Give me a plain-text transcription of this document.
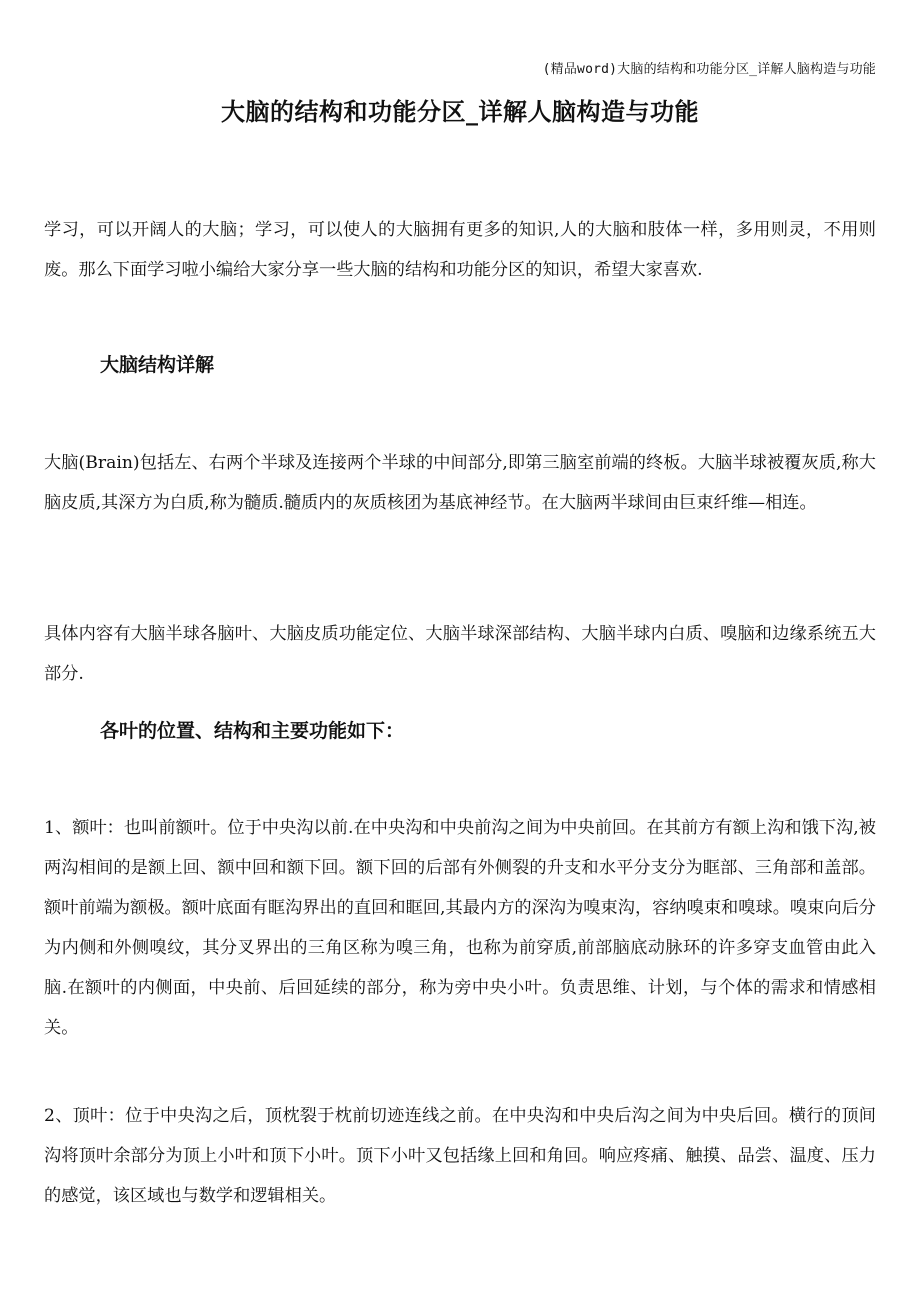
(精品word)大脑的结构和功能分区_详解人脑构造与功能
大脑的结构和功能分区_详解人脑构造与功能

学习，可以开阔人的大脑；学习，可以使人的大脑拥有更多的知识,人的大脑和肢体一样，多用则灵，不用则废。那么下面学习啦小编给大家分享一些大脑的结构和功能分区的知识，希望大家喜欢.

大脑结构详解

大脑(Brain)包括左、右两个半球及连接两个半球的中间部分,即第三脑室前端的终板。大脑半球被覆灰质,称大脑皮质,其深方为白质,称为髓质.髓质内的灰质核团为基底神经节。在大脑两半球间由巨束纤维—相连。

具体内容有大脑半球各脑叶、大脑皮质功能定位、大脑半球深部结构、大脑半球内白质、嗅脑和边缘系统五大部分.

各叶的位置、结构和主要功能如下：

1、额叶：也叫前额叶。位于中央沟以前.在中央沟和中央前沟之间为中央前回。在其前方有额上沟和饿下沟,被两沟相间的是额上回、额中回和额下回。额下回的后部有外侧裂的升支和水平分支分为眶部、三角部和盖部。额叶前端为额极。额叶底面有眶沟界出的直回和眶回,其最内方的深沟为嗅束沟，容纳嗅束和嗅球。嗅束向后分为内侧和外侧嗅纹，其分叉界出的三角区称为嗅三角，也称为前穿质,前部脑底动脉环的许多穿支血管由此入脑.在额叶的内侧面，中央前、后回延续的部分，称为旁中央小叶。负责思维、计划，与个体的需求和情感相关。

2、顶叶：位于中央沟之后，顶枕裂于枕前切迹连线之前。在中央沟和中央后沟之间为中央后回。横行的顶间沟将顶叶余部分为顶上小叶和顶下小叶。顶下小叶又包括缘上回和角回。响应疼痛、触摸、品尝、温度、压力的感觉，该区域也与数学和逻辑相关。
